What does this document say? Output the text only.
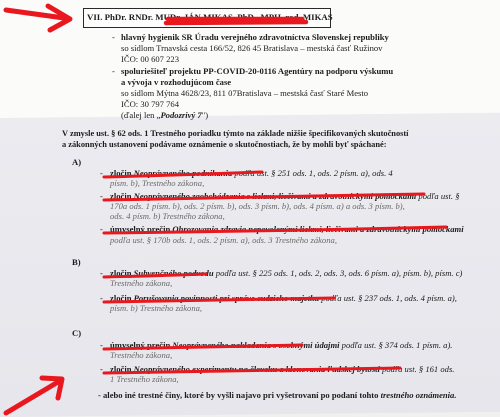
VII. PhDr. RNDr. MUDr. JÁN MIKAS, PhD., MPH, rod. MIKAS
- hlavný hygienik SR Úradu verejného zdravotníctva Slovenskej republiky
so sídlom Trnavská cesta 166/52, 826 45 Bratislava – mestská časť Ružinov
IČO: 00 607 223
- spoluriešiteľ projektu PP-COVID-20-0116 Agentúry na podporu výskumu
a vývoja v rozhodujúcom čase
so sídlom Mýtna 4628/23, 811 07Bratislava – mestská časť Staré Mesto
IČO: 30 797 764
(ďalej len „Podozrivý 7")
V zmysle ust. § 62 ods. 1 Trestného poriadku týmto na základe nižšie špecifikovaných skutočností
a zákonných ustanovení podávame oznámenie o skutočnostiach, že by mohli byť spáchané:
A)
- zločin Neoprávneného podnikania podľa ust. § 251 ods. 1, ods. 2 písm. a), ods. 4
písm. b), Trestného zákona,
- zločin Neoprávneného zaobchádzania s liekmi, liečivami a zdravotníckymi pomôckami podľa ust. §
170a ods. 1 písm. b), ods. 2 písm. b), ods. 3 písm. b), ods. 4 písm. a) a ods. 3 písm. b),
ods. 4 písm. b) Trestného zákona,
- úmyselný prečin Ohrozovania zdravia nepovolenými liekmi, liečivami a zdravotníckymi pomôckami
podľa ust. § 170b ods. 1, ods. 2 písm. a), ods. 3 Trestného zákona,
B)
- zločin Subvenčného podvodu podľa ust. § 225 ods. 1, ods. 2, ods. 3, ods. 6 písm. a), písm. b), písm. c)
Trestného zákona,
- zločin Porušovania povinnosti pri správe cudzieho majetku podľa ust. § 237 ods. 1, ods. 4 písm. a),
písm. b) Trestného zákona,
C)
- úmyselný prečin Neoprávneného nakladania s osobnými údajmi podľa ust. § 374 ods. 1 písm. a).
Trestného zákona,
- zločin Neoprávneného experimentu na človeku a klonovania ľudskej bytosti podľa ust. § 161 ods.
1 Trestného zákona,
- alebo iné trestné činy, ktoré by vyšli najavo pri vyšetrovaní po podaní tohto trestného oznámenia.
